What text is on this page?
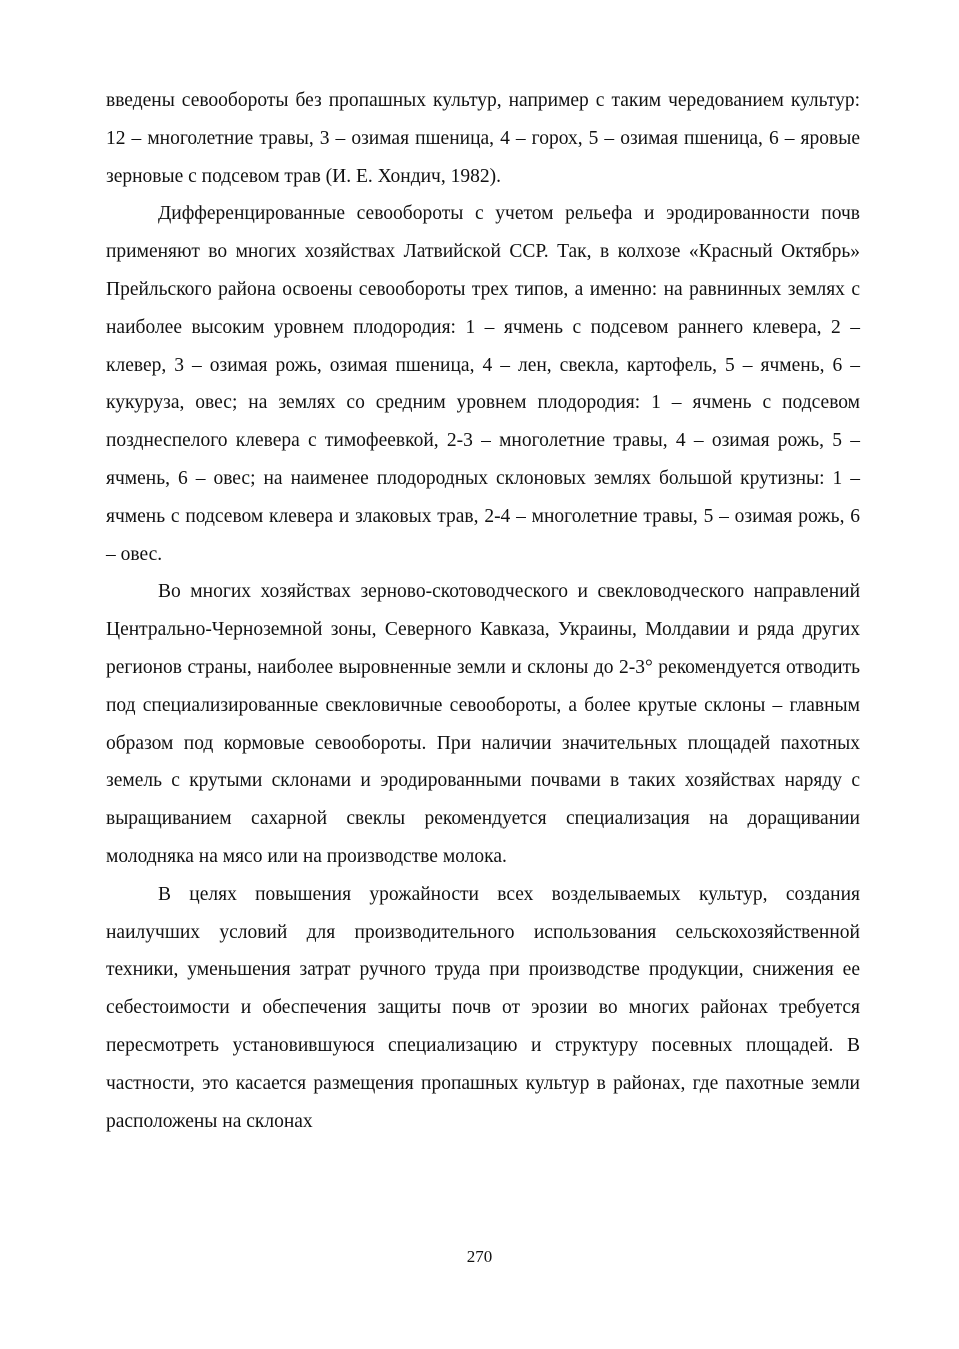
введены севообороты без пропашных культур, например с таким чередованием культур: 12 – многолетние травы, 3 – озимая пшеница, 4 – горох, 5 – озимая пшеница, 6 – яровые зерновые с подсевом трав (И. Е. Хондич, 1982).

Дифференцированные севообороты с учетом рельефа и эродированности почв применяют во многих хозяйствах Латвийской ССР. Так, в колхозе «Красный Октябрь» Прейльского района освоены севообороты трех типов, а именно: на равнинных землях с наиболее высоким уровнем плодородия: 1 – ячмень с подсевом раннего клевера, 2 – клевер, 3 – озимая рожь, озимая пшеница, 4 – лен, свекла, картофель, 5 – ячмень, 6 – кукуруза, овес; на землях со средним уровнем плодородия: 1 – ячмень с подсевом позднеспелого клевера с тимофеевкой, 2-3 – многолетние травы, 4 – озимая рожь, 5 – ячмень, 6 – овес; на наименее плодородных склоновых землях большой крутизны: 1 – ячмень с подсевом клевера и злаковых трав, 2-4 – многолетние травы, 5 – озимая рожь, 6 – овес.

Во многих хозяйствах зерново-скотоводческого и свекловодческого направлений Центрально-Черноземной зоны, Северного Кавказа, Украины, Молдавии и ряда других регионов страны, наиболее выровненные земли и склоны до 2-3° рекомендуется отводить под специализированные свекловичные севообороты, а более крутые склоны – главным образом под кормовые севообороты. При наличии значительных площадей пахотных земель с крутыми склонами и эродированными почвами в таких хозяйствах наряду с выращиванием сахарной свеклы рекомендуется специализация на доращивании молодняка на мясо или на производстве молока.

В целях повышения урожайности всех возделываемых культур, создания наилучших условий для производительного использования сельскохозяйственной техники, уменьшения затрат ручного труда при производстве продукции, снижения ее себестоимости и обеспечения защиты почв от эрозии во многих районах требуется пересмотреть установившуюся специализацию и структуру посевных площадей. В частности, это касается размещения пропашных культур в районах, где пахотные земли расположены на склонах

270
